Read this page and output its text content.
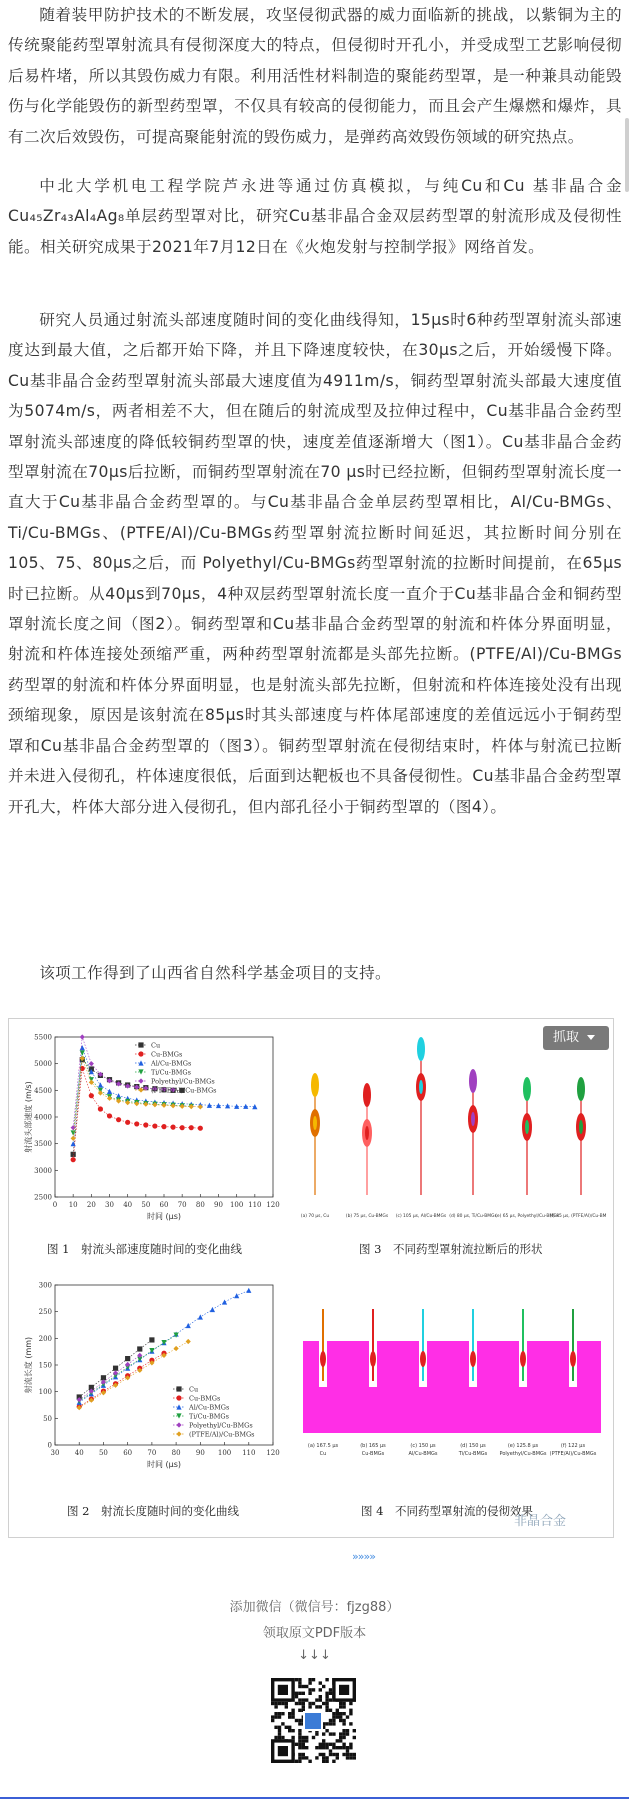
随着装甲防护技术的不断发展，攻坚侵彻武器的威力面临新的挑战，以紫铜为主的传统聚能药型罩射流具有侵彻深度大的特点，但侵彻时开孔小，并受成型工艺影响侵彻后易杵堵，所以其毁伤威力有限。利用活性材料制造的聚能药型罩，是一种兼具动能毁伤与化学能毁伤的新型药型罩，不仅具有较高的侵彻能力，而且会产生爆燃和爆炸，具有二次后效毁伤，可提高聚能射流的毁伤威力，是弹药高效毁伤领域的研究热点。

中北大学机电工程学院芦永进等通过仿真模拟，与纯Cu和Cu 基非晶合金Cu₄₅Zr₄₃Al₄Ag₈单层药型罩对比，研究Cu基非晶合金双层药型罩的射流形成及侵彻性能。相关研究成果于2021年7月12日在《火炮发射与控制学报》网络首发。

研究人员通过射流头部速度随时间的变化曲线得知，15μs时6种药型罩射流头部速度达到最大值，之后都开始下降，并且下降速度较快，在30μs之后，开始缓慢下降。Cu基非晶合金药型罩射流头部最大速度值为4911m/s，铜药型罩射流头部最大速度值为5074m/s，两者相差不大，但在随后的射流成型及拉伸过程中，Cu基非晶合金药型罩射流头部速度的降低较铜药型罩的快，速度差值逐渐增大（图1）。Cu基非晶合金药型罩射流在70μs后拉断，而铜药型罩射流在70 μs时已经拉断，但铜药型罩射流长度一直大于Cu基非晶合金药型罩的。与Cu基非晶合金单层药型罩相比，Al/Cu-BMGs、Ti/Cu-BMGs、(PTFE/Al)/Cu-BMGs药型罩射流拉断时间延迟，其拉断时间分别在105、75、80μs之后，而 Polyethyl/Cu-BMGs药型罩射流的拉断时间提前，在65μs时已拉断。从40μs到70μs，4种双层药型罩射流长度一直介于Cu基非晶合金和铜药型罩射流长度之间（图2）。铜药型罩和Cu基非晶合金药型罩的射流和杵体分界面明显，射流和杵体连接处颈缩严重，两种药型罩射流都是头部先拉断。(PTFE/Al)/Cu-BMGs药型罩的射流和杵体分界面明显，也是射流头部先拉断，但射流和杵体连接处没有出现颈缩现象，原因是该射流在85μs时其头部速度与杵体尾部速度的差值远远小于铜药型罩和Cu基非晶合金药型罩的（图3）。铜药型罩射流在侵彻结束时，杵体与射流已拉断并未进入侵彻孔，杵体速度很低，后面到达靶板也不具备侵彻性。Cu基非晶合金药型罩开孔大，杵体大部分进入侵彻孔，但内部孔径小于铜药型罩的（图4）。

该项工作得到了山西省自然科学基金项目的支持。

0 10 20 30 40 50 60 70 80 90 100 110 120
2500
3000
3500
4000
4500
5000
5500
时间 (μs)
射流头部速度 (m/s)
Cu
Cu-BMGs
Al/Cu-BMGs
Ti/Cu-BMGs
Polyethyl/Cu-BMGs
(PTFE/Al)/Cu-BMGs
图 1　射流头部速度随时间的变化曲线
(a) 70 μs, Cu	(b) 75 μs, Cu-BMGs (c) 105 μs, Al/Cu-BMGs (d) 80 μs, Ti/Cu-BMGs
(e) 65 μs, Polyethyl/Cu-BMGs
(f) 85 μs, (PTFE/Al)/Cu-BMGs
图 3　不同药型罩射流拉断后的形状
30 40 50 60 70 80 90 100 110 120
0
50
100
150
200
250
300
时间 (μs)
射流长度 (mm)	Cu
Cu-BMGs
Al/Cu-BMGs
Ti/Cu-BMGs
Polyethyl/Cu-BMGs
(PTFE/Al)/Cu-BMGs
图 2　射流长度随时间的变化曲线
(a) 167.5 μs
Cu
(b) 165 μs
Cu-BMGs
(c) 150 μs
Al/Cu-BMGs
(d) 150 μs
Ti/Cu-BMGs
(e) 125.8 μs
Polyethyl/Cu-BMGs
(f) 122 μs
(PTFE/Al)/Cu-BMGs
图 4　不同药型罩射流的侵彻效果
抓取
非晶合金
»»»»
添加微信（微信号：fjzg88）
领取原文PDF版本
↓↓↓
